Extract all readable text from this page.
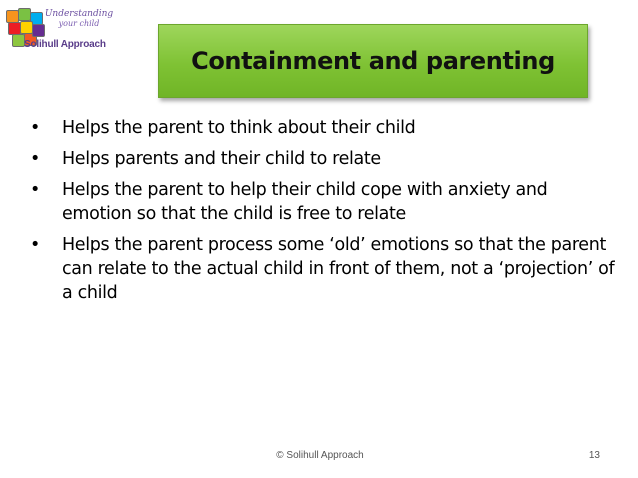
Understanding
your child
Solihull Approach
Containment and parenting
• Helps the parent to think about their child
• Helps parents and their child to relate
• Helps the parent to help their child cope with anxiety and emotion so that the child is free to relate
• Helps the parent process some ‘old’ emotions so that the parent can relate to the actual child in front of them, not a ‘projection’ of a child
© Solihull Approach	13
